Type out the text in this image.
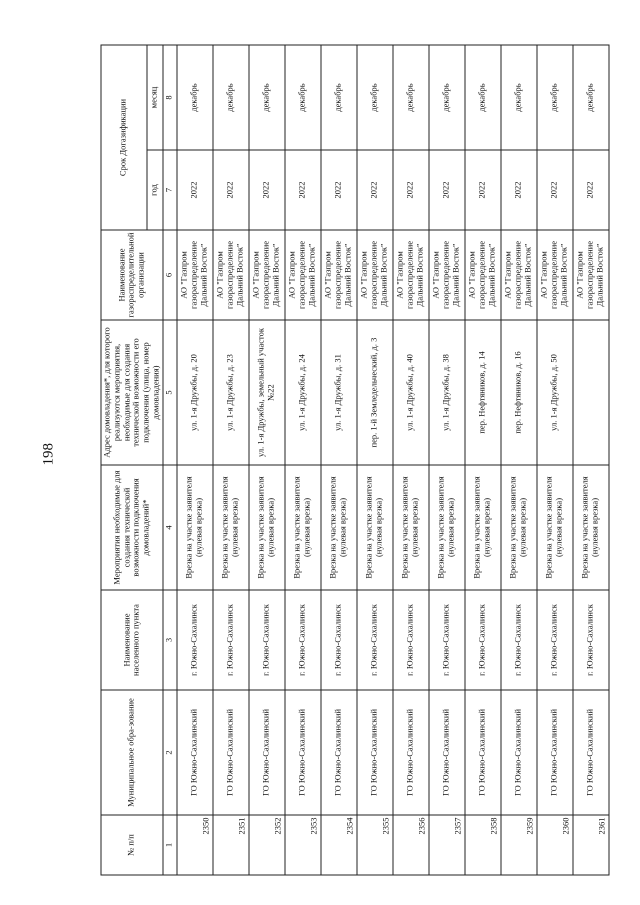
198
№ п/п	Муниципальное обра-зование	Наименование населенного пункта	Мероприятия необходимые для создания технической возможности подключения домовладений*	Адрес домовладения*, для которого реализуются мероприятия, необходимые для создания технической возможности его подключения (улица, номер домовладения)	Наименование газораспределительной организации	Срок Догазификации	
						год	месяц
1	2	3	4	5	6	7	8
2350	ГО Южно-Сахалинский	г. Южно-Сахалинск	Врезка на участке заявителя (нулевая врезка)	ул. 1-я Дружбы, д. 20	АО "Газпром газораспределение Дальний Восток"	2022	декабрь
2351	ГО Южно-Сахалинский	г. Южно-Сахалинск	Врезка на участке заявителя (нулевая врезка)	ул. 1-я Дружбы, д. 23	АО "Газпром газораспределение Дальний Восток"	2022	декабрь
2352	ГО Южно-Сахалинский	г. Южно-Сахалинск	Врезка на участке заявителя (нулевая врезка)	ул. 1-я Дружбы, земельный участок №22	АО "Газпром газораспределение Дальний Восток"	2022	декабрь
2353	ГО Южно-Сахалинский	г. Южно-Сахалинск	Врезка на участке заявителя (нулевая врезка)	ул. 1-я Дружбы, д. 24	АО "Газпром газораспределение Дальний Восток"	2022	декабрь
2354	ГО Южно-Сахалинский	г. Южно-Сахалинск	Врезка на участке заявителя (нулевая врезка)	ул. 1-я Дружбы, д. 31	АО "Газпром газораспределение Дальний Восток"	2022	декабрь
2355	ГО Южно-Сахалинский	г. Южно-Сахалинск	Врезка на участке заявителя (нулевая врезка)	пер. 1-й Земледельческий, д. 3	АО "Газпром газораспределение Дальний Восток"	2022	декабрь
2356	ГО Южно-Сахалинский	г. Южно-Сахалинск	Врезка на участке заявителя (нулевая врезка)	ул. 1-я Дружбы, д. 40	АО "Газпром газораспределение Дальний Восток"	2022	декабрь
2357	ГО Южно-Сахалинский	г. Южно-Сахалинск	Врезка на участке заявителя (нулевая врезка)	ул. 1-я Дружбы, д. 38	АО "Газпром газораспределение Дальний Восток"	2022	декабрь
2358	ГО Южно-Сахалинский	г. Южно-Сахалинск	Врезка на участке заявителя (нулевая врезка)	пер. Нефтяников, д. 14	АО "Газпром газораспределение Дальний Восток"	2022	декабрь
2359	ГО Южно-Сахалинский	г. Южно-Сахалинск	Врезка на участке заявителя (нулевая врезка)	пер. Нефтяников, д. 16	АО "Газпром газораспределение Дальний Восток"	2022	декабрь
2360	ГО Южно-Сахалинский	г. Южно-Сахалинск	Врезка на участке заявителя (нулевая врезка)	ул. 1-я Дружбы, д. 50	АО "Газпром газораспределение Дальний Восток"	2022	декабрь
2361	ГО Южно-Сахалинский	г. Южно-Сахалинск	Врезка на участке заявителя (нулевая врезка)		АО "Газпром газораспределение Дальний Восток"	2022	декабрь
